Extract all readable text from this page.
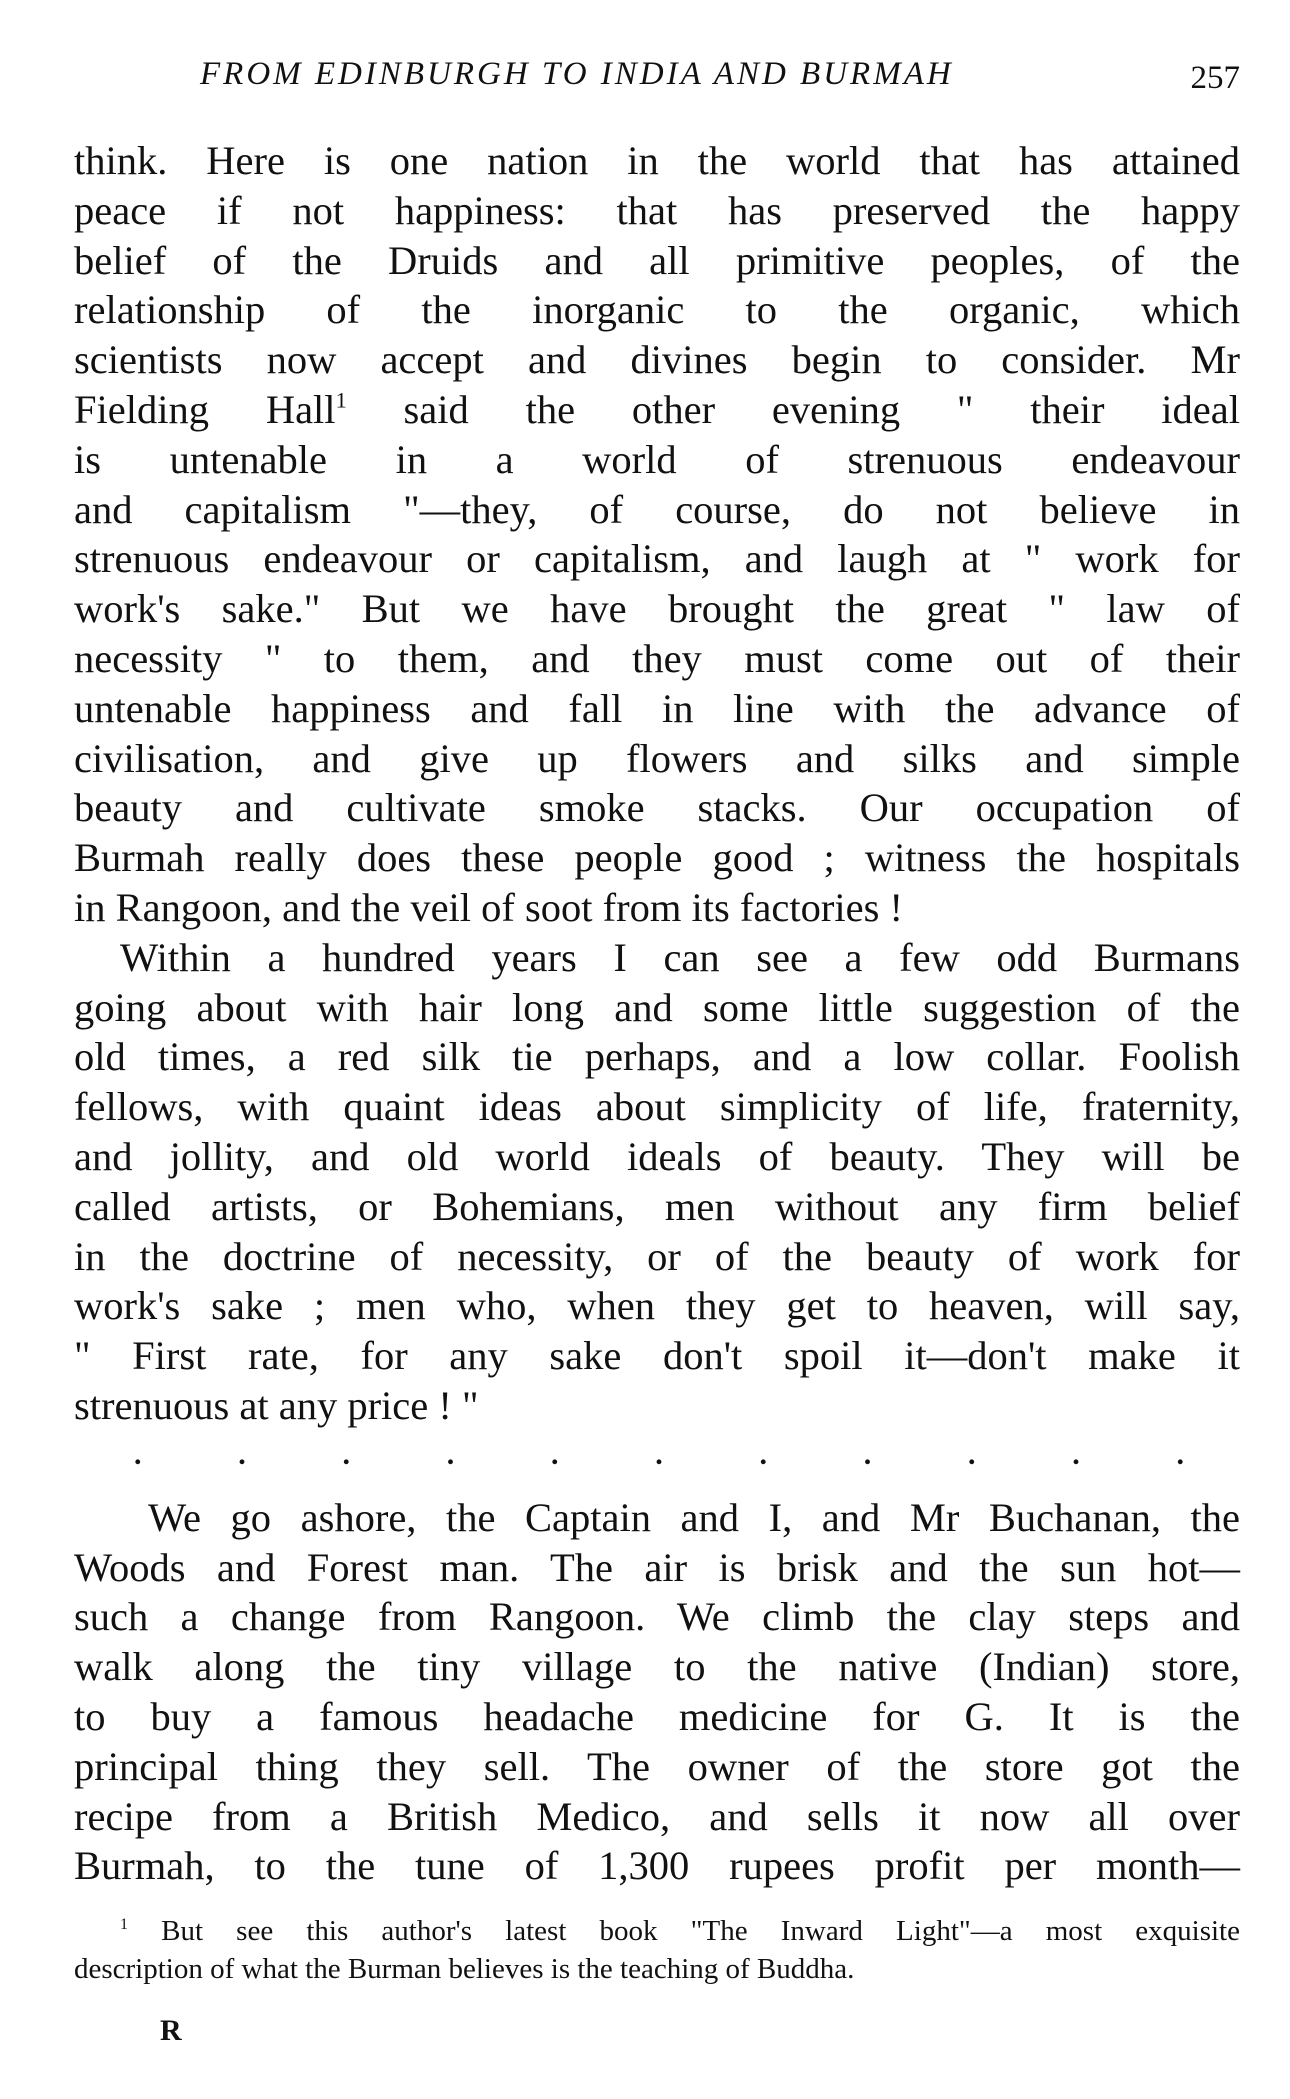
FROM EDINBURGH TO INDIA AND BURMAH	257
think. Here is one nation in the world that has attained
peace if not happiness: that has preserved the happy
belief of the Druids and all primitive peoples, of the
relationship of the inorganic to the organic, which
scientists now accept and divines begin to consider. Mr
Fielding Hall$^1$ said the other evening " their ideal
is untenable in a world of strenuous endeavour
and capitalism "—they, of course, do not believe in
strenuous endeavour or capitalism, and laugh at " work for
work's sake." But we have brought the great " law of
necessity " to them, and they must come out of their
untenable happiness and fall in line with the advance of
civilisation, and give up flowers and silks and simple
beauty and cultivate smoke stacks. Our occupation of
Burmah really does these people good ; witness the hospitals
in Rangoon, and the veil of soot from its factories !
Within a hundred years I can see a few odd Burmans
going about with hair long and some little suggestion of the
old times, a red silk tie perhaps, and a low collar. Foolish
fellows, with quaint ideas about simplicity of life, fraternity,
and jollity, and old world ideals of beauty. They will be
called artists, or Bohemians, men without any firm belief
in the doctrine of necessity, or of the beauty of work for
work's sake ; men who, when they get to heaven, will say,
" First rate, for any sake don't spoil it—don't make it
strenuous at any price ! "
.	.	.	.	.	.	.	.	.	.	.
We go ashore, the Captain and I, and Mr Buchanan, the
Woods and Forest man. The air is brisk and the sun hot—
such a change from Rangoon. We climb the clay steps and
walk along the tiny village to the native (Indian) store,
to buy a famous headache medicine for G. It is the
principal thing they sell. The owner of the store got the
recipe from a British Medico, and sells it now all over
Burmah, to the tune of 1,300 rupees profit per month—
$^1$ But see this author's latest book "The Inward Light"—a most exquisite
description of what the Burman believes is the teaching of Buddha.
R
